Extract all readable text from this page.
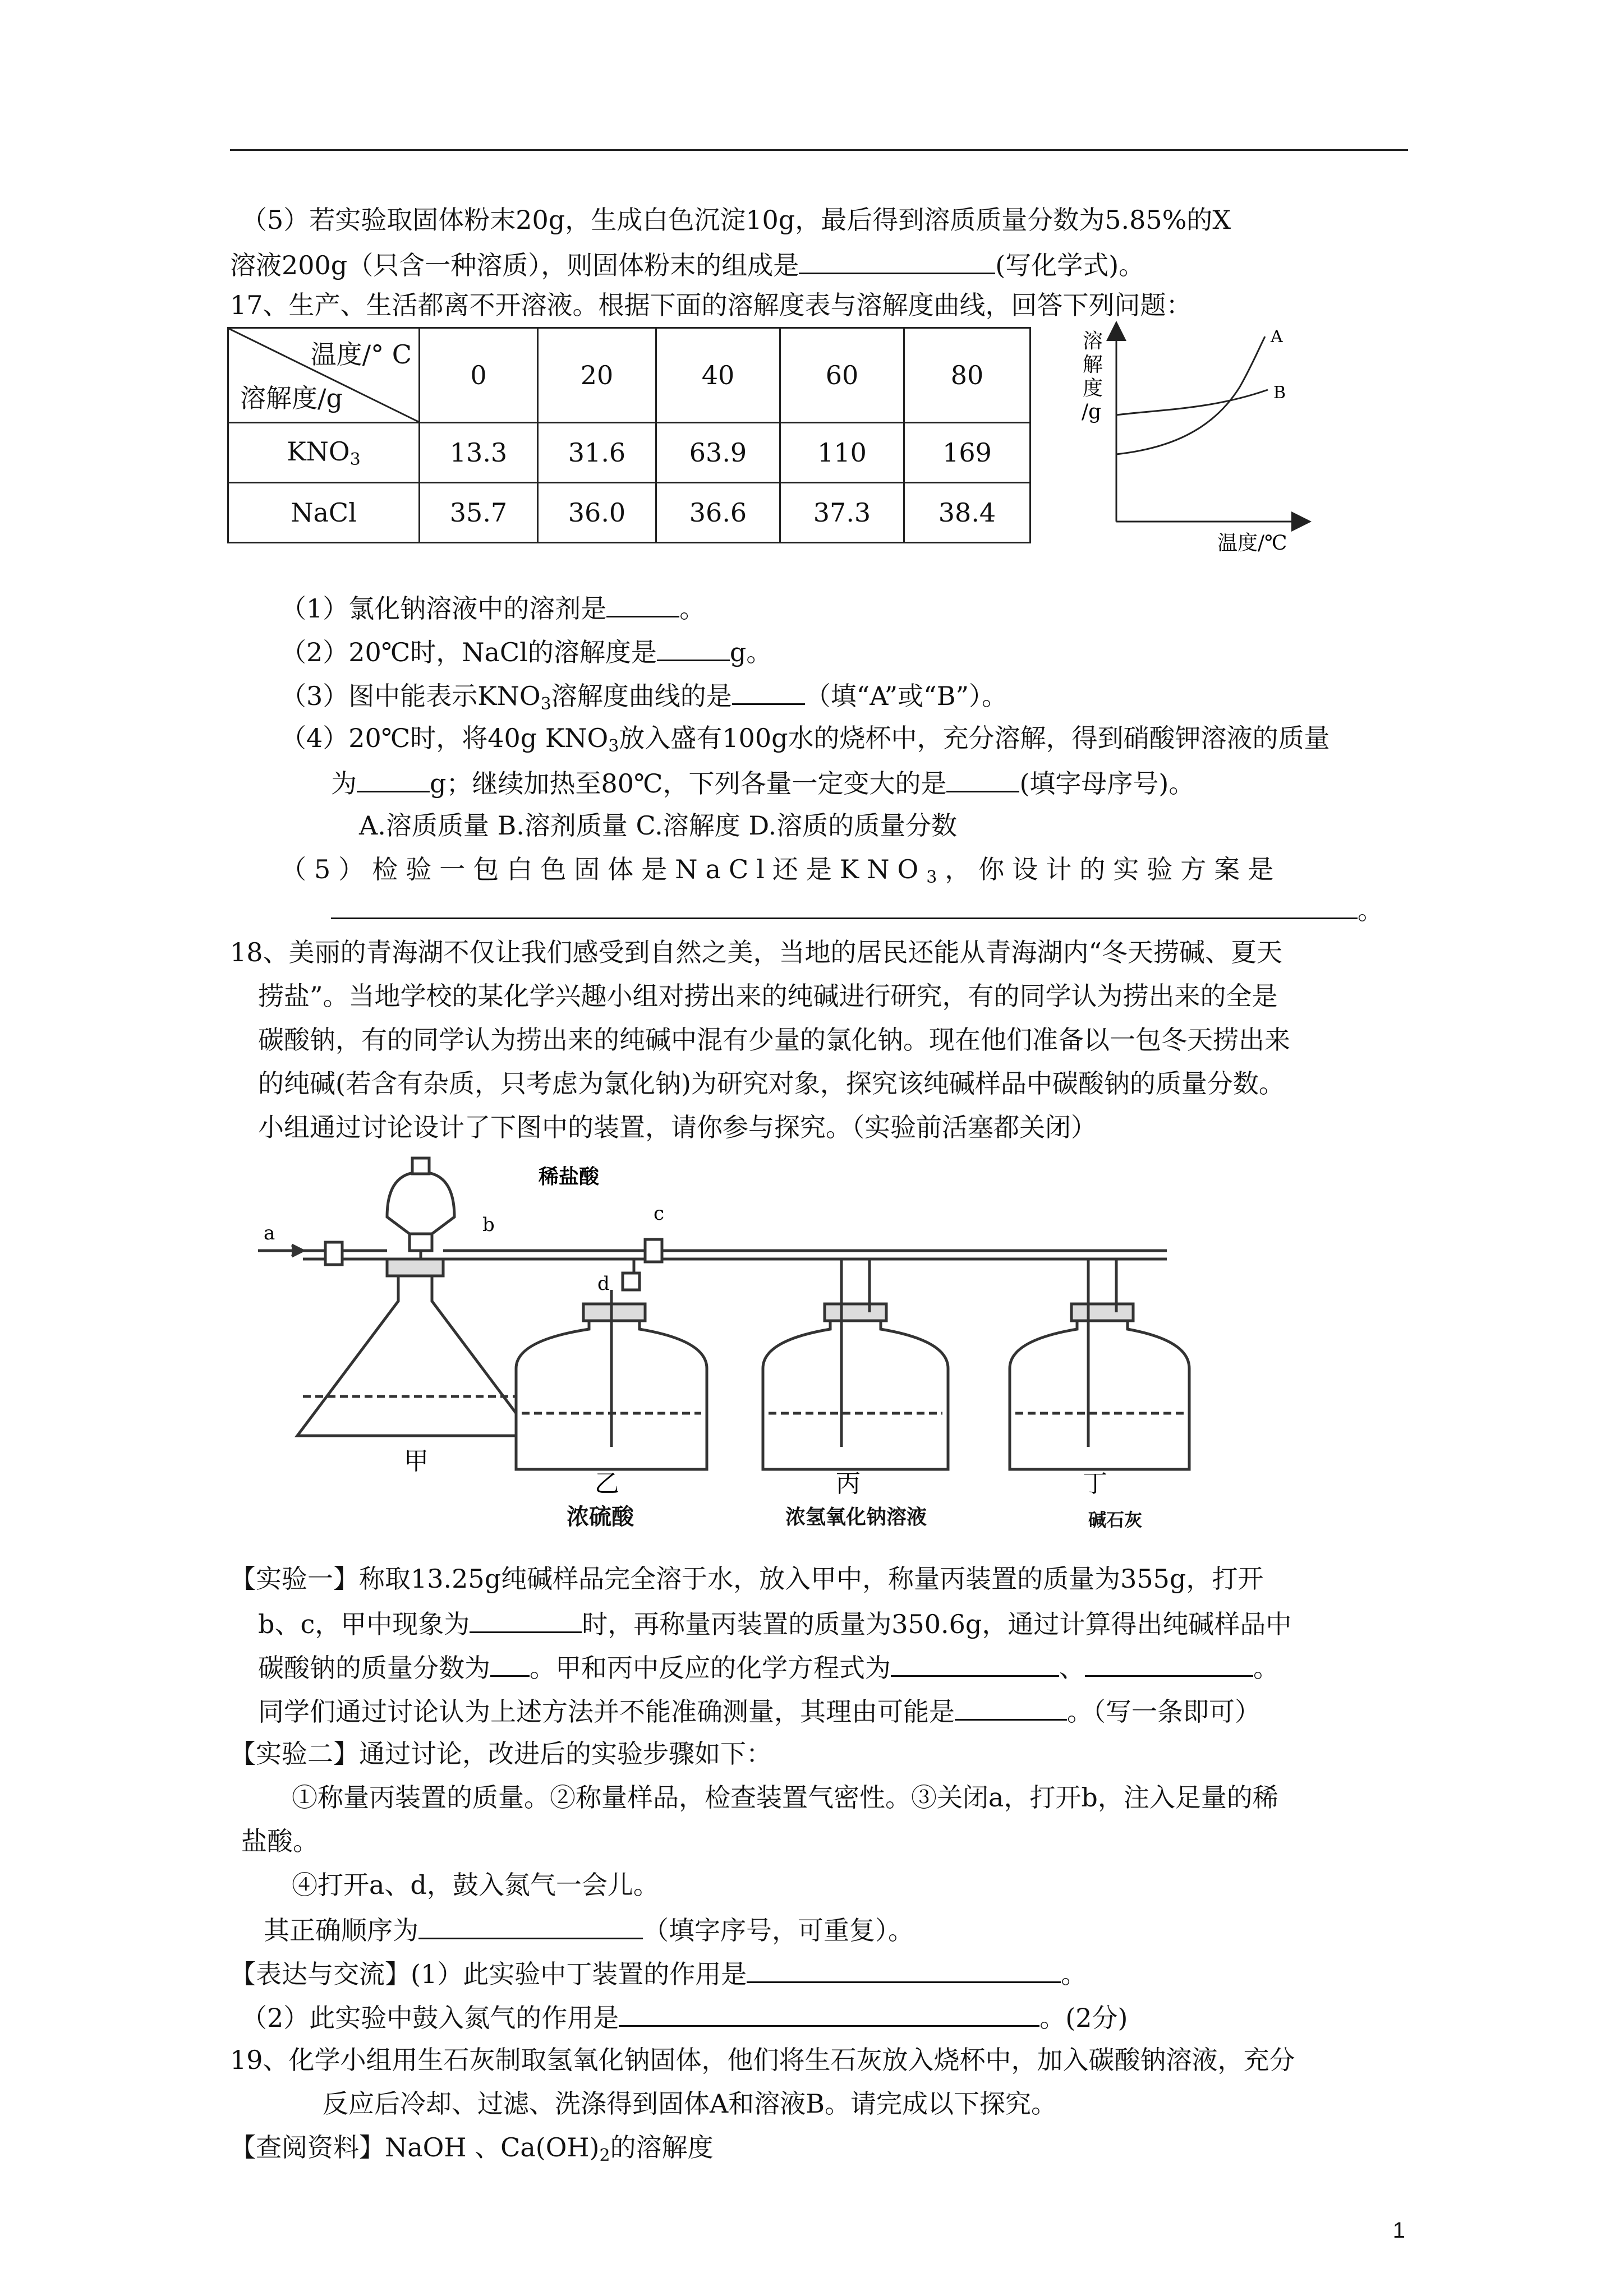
（5）若实验取固体粉末20g，生成白色沉淀10g，最后得到溶质质量分数为5.85%的X
溶液200g（只含一种溶质），则固体粉末的组成是	(写化学式)。
17、生产、生活都离不开溶液。根据下面的溶解度表与溶解度曲线，回答下列问题：
温度/° C
溶解度/g	0	20	40	60	80
$KNO_3$	13.3	31.6	63.9	110	169
NaCl	35.7	36.0	36.6	37.3	38.4
A
B
溶
解
度
/g
温度/℃
（1）氯化钠溶液中的溶剂是	。
（2）20℃时，NaCl的溶解度是	g。
（3）图中能表示$KNO_3$溶解度曲线的是	（填“A”或“B”）。
（4）20℃时，将40g $KNO_3$放入盛有100g水的烧杯中，充分溶解，得到硝酸钾溶液的质量
为	g；继续加热至80℃，下列各量一定变大的是	(填字母序号)。
A.溶质质量 B.溶剂质量 C.溶解度 D.溶质的质量分数
（5）检验一包白色固体是NaCl还是$KNO_3$，你设计的实验方案是
。
18、美丽的青海湖不仅让我们感受到自然之美，当地的居民还能从青海湖内“冬天捞碱、夏天
捞盐”。当地学校的某化学兴趣小组对捞出来的纯碱进行研究，有的同学认为捞出来的全是
碳酸钠，有的同学认为捞出来的纯碱中混有少量的氯化钠。现在他们准备以一包冬天捞出来
的纯碱(若含有杂质，只考虑为氯化钠)为研究对象，探究该纯碱样品中碳酸钠的质量分数。
小组通过讨论设计了下图中的装置，请你参与探究。（实验前活塞都关闭）
a	b	c
d
稀盐酸
甲
乙	丙	丁
浓硫酸	浓氢氧化钠溶液	碱石灰
【实验一】称取13.25g纯碱样品完全溶于水，放入甲中，称量丙装置的质量为355g，打开
b、c，甲中现象为	时，再称量丙装置的质量为350.6g，通过计算得出纯碱样品中
碳酸钠的质量分数为 。甲和丙中反应的化学方程式为	、	。
同学们通过讨论认为上述方法并不能准确测量，其理由可能是	。（写一条即可）
【实验二】通过讨论，改进后的实验步骤如下：
①称量丙装置的质量。②称量样品，检查装置气密性。③关闭a，打开b，注入足量的稀
盐酸。
④打开a、d，鼓入氮气一会儿。
其正确顺序为	（填字序号，可重复）。
【表达与交流】(1）此实验中丁装置的作用是	。
（2）此实验中鼓入氮气的作用是	。(2分)
19、化学小组用生石灰制取氢氧化钠固体，他们将生石灰放入烧杯中，加入碳酸钠溶液，充分
反应后冷却、过滤、洗涤得到固体A和溶液B。请完成以下探究。
【查阅资料】NaOH 、$Ca(OH)_2$的溶解度
1
